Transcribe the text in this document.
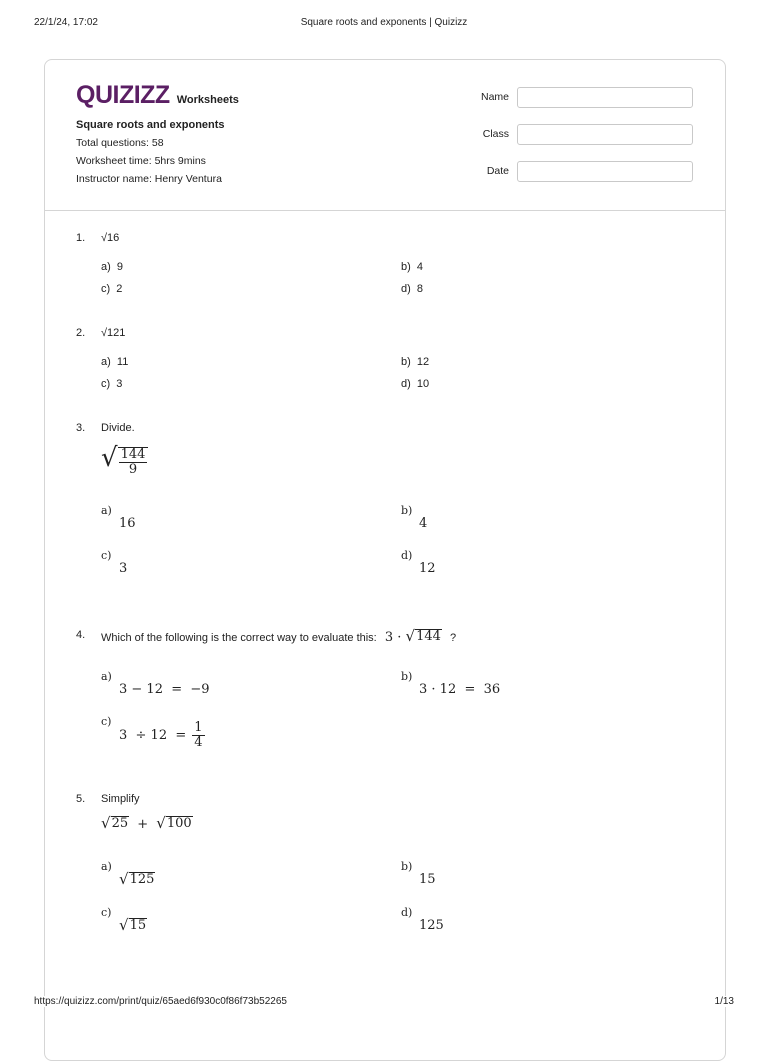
22/1/24, 17:02	Square roots and exponents | Quizizz
QUIZIZZ Worksheets
Square roots and exponents
Total questions: 58
Worksheet time: 5hrs 9mins
Instructor name: Henry Ventura
Name
Class
Date
1. √16
a) 9	b) 4
c) 2	d) 8
2. √121
a) 11	b) 12
c) 3	d) 10
3. Divide.
√ $\frac{144}{9}$
a)
16
b)
4
c)
3
d)
12
4. Which of the following is the correct way to evaluate this: 3 · √ 144 ?
a)
3 − 12  =  −9
b)
3 · 12  =  36
c)
$3 \div 12 = \frac{1}{4}$
5. Simplify
√ 25 + √ 100
a)
√ 125
b)
15
c)
√ 15
d)
125
https://quizizz.com/print/quiz/65aed6f930c0f86f73b52265	1/13
